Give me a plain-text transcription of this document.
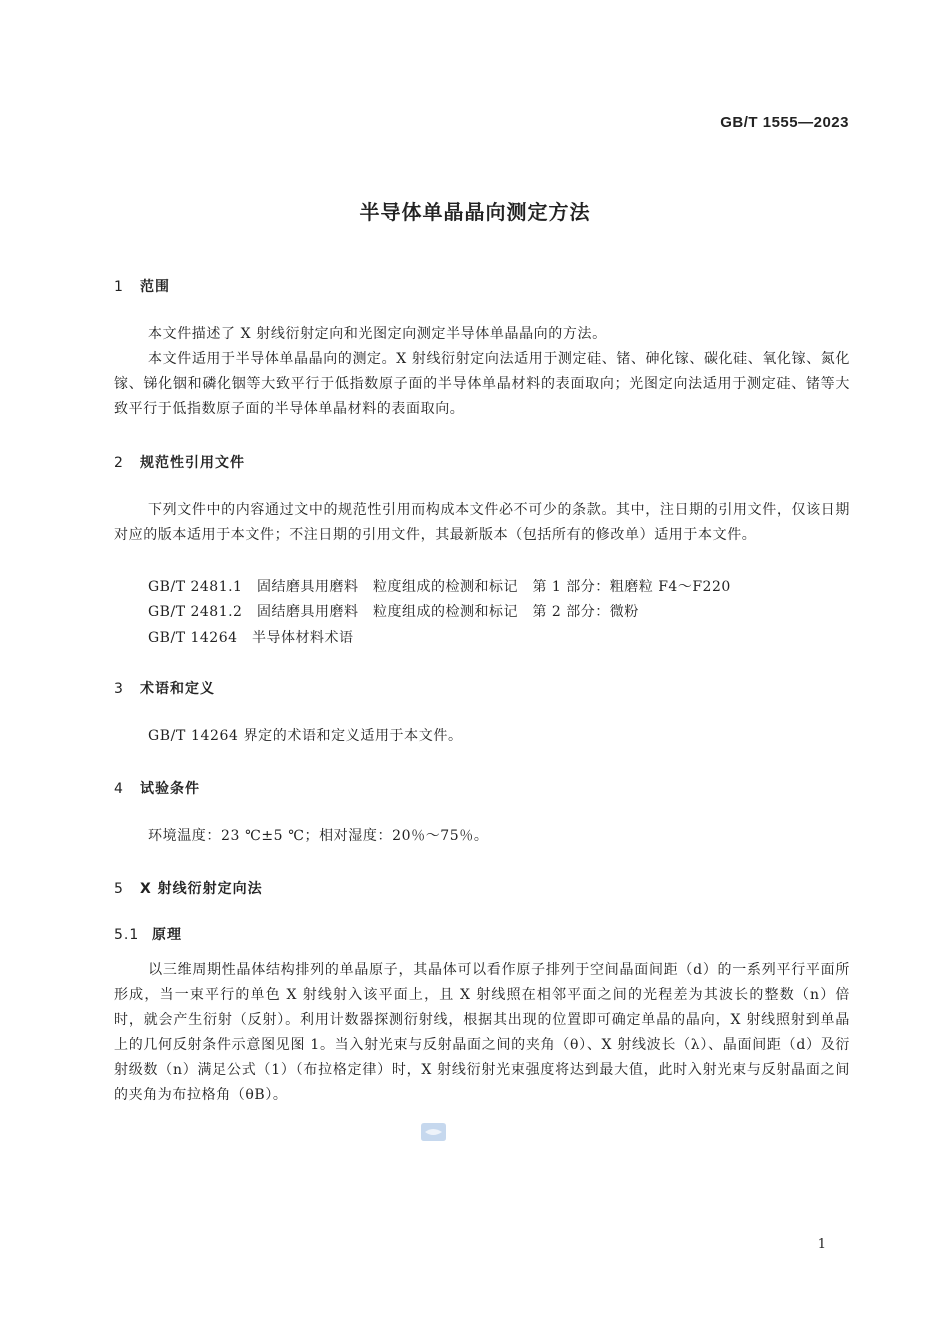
GB/T 1555—2023
半导体单晶晶向测定方法
1 范围
本文件描述了 X 射线衍射定向和光图定向测定半导体单晶晶向的方法。
本文件适用于半导体单晶晶向的测定。X 射线衍射定向法适用于测定硅、锗、砷化镓、碳化硅、氧化镓、氮化镓、锑化铟和磷化铟等大致平行于低指数原子面的半导体单晶材料的表面取向；光图定向法适用于测定硅、锗等大致平行于低指数原子面的半导体单晶材料的表面取向。
2 规范性引用文件
下列文件中的内容通过文中的规范性引用而构成本文件必不可少的条款。其中，注日期的引用文件，仅该日期对应的版本适用于本文件；不注日期的引用文件，其最新版本（包括所有的修改单）适用于本文件。
GB/T 2481.1　固结磨具用磨料　粒度组成的检测和标记　第 1 部分：粗磨粒 F4～F220
GB/T 2481.2　固结磨具用磨料　粒度组成的检测和标记　第 2 部分：微粉
GB/T 14264　半导体材料术语
3 术语和定义
GB/T 14264 界定的术语和定义适用于本文件。
4 试验条件
环境温度：23 ℃±5 ℃；相对湿度：20％～75％。
5 X 射线衍射定向法
5.1 原理
以三维周期性晶体结构排列的单晶原子，其晶体可以看作原子排列于空间晶面间距（d）的一系列平行平面所形成，当一束平行的单色 X 射线射入该平面上，且 X 射线照在相邻平面之间的光程差为其波长的整数（n）倍时，就会产生衍射（反射）。利用计数器探测衍射线，根据其出现的位置即可确定单晶的晶向，X 射线照射到单晶上的几何反射条件示意图见图 1。当入射光束与反射晶面之间的夹角（θ）、X 射线波长（λ）、晶面间距（d）及衍射级数（n）满足公式（1）（布拉格定律）时，X 射线衍射光束强度将达到最大值，此时入射光束与反射晶面之间的夹角为布拉格角（θB）。
1
